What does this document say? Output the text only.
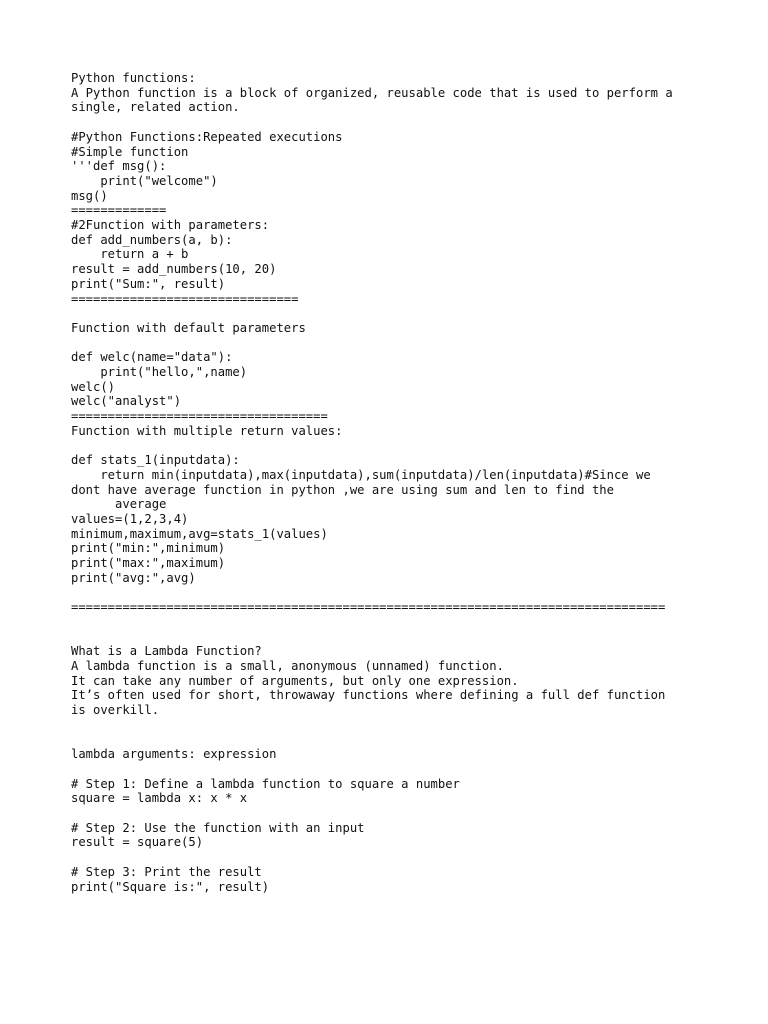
Python functions:
A Python function is a block of organized, reusable code that is used to perform a
single, related action.
#Python Functions:Repeated executions
#Simple function
'''def msg():
print("welcome")
msg()
=============
#2Function with parameters:
def add_numbers(a, b):
return a + b
result = add_numbers(10, 20)
print("Sum:", result)
===============================
Function with default parameters
def welc(name="data"):
print("hello,",name)
welc()
welc("analyst")
===================================
Function with multiple return values:
def stats_1(inputdata):
return min(inputdata),max(inputdata),sum(inputdata)/len(inputdata)#Since we
dont have average function in python ,we are using sum and len to find the
average
values=(1,2,3,4)
minimum,maximum,avg=stats_1(values)
print("min:",minimum)
print("max:",maximum)
print("avg:",avg)
=================================================================================
What is a Lambda Function?
A lambda function is a small, anonymous (unnamed) function.
It can take any number of arguments, but only one expression.
It’s often used for short, throwaway functions where defining a full def function
is overkill.
lambda arguments: expression
# Step 1: Define a lambda function to square a number
square = lambda x: x * x
# Step 2: Use the function with an input
result = square(5)
# Step 3: Print the result
print("Square is:", result)
